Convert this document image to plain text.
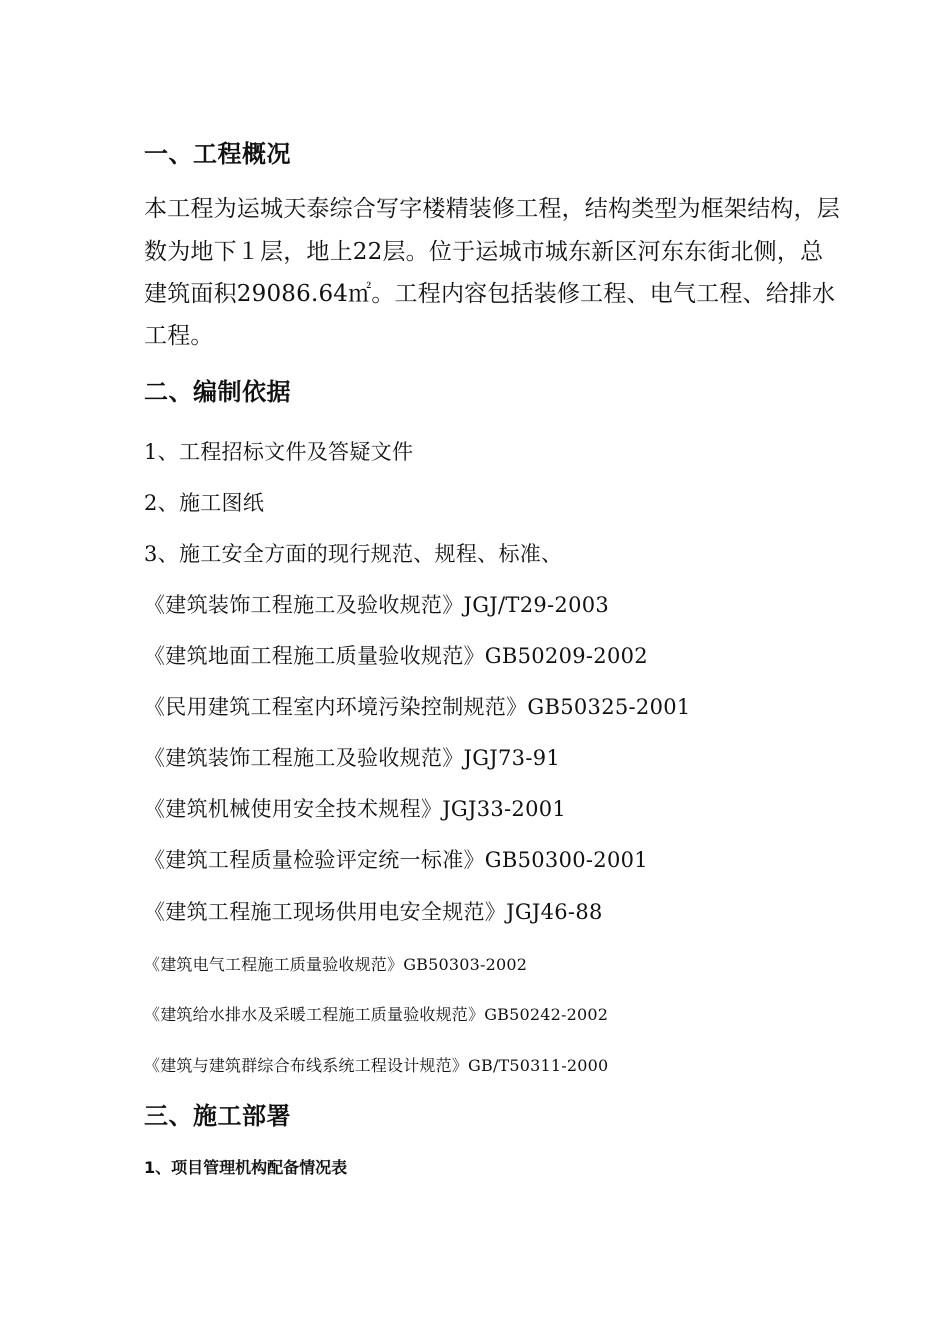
一、工程概况
本工程为运城天泰综合写字楼精装修工程，结构类型为框架结构，层
数为地下１层，地上22层。位于运城市城东新区河东东街北侧，总
建筑面积29086.64㎡。工程内容包括装修工程、电气工程、给排水
工程。
二、编制依据
1、工程招标文件及答疑文件
2、施工图纸
3、施工安全方面的现行规范、规程、标准、
《建筑装饰工程施工及验收规范》JGJ/T29-2003
《建筑地面工程施工质量验收规范》GB50209-2002
《民用建筑工程室内环境污染控制规范》GB50325-2001
《建筑装饰工程施工及验收规范》JGJ73-91
《建筑机械使用安全技术规程》JGJ33-2001
《建筑工程质量检验评定统一标准》GB50300-2001
《建筑工程施工现场供用电安全规范》JGJ46-88
《建筑电气工程施工质量验收规范》GB50303-2002
《建筑给水排水及采暖工程施工质量验收规范》GB50242-2002
《建筑与建筑群综合布线系统工程设计规范》GB/T50311-2000
三、施工部署
1、项目管理机构配备情况表
